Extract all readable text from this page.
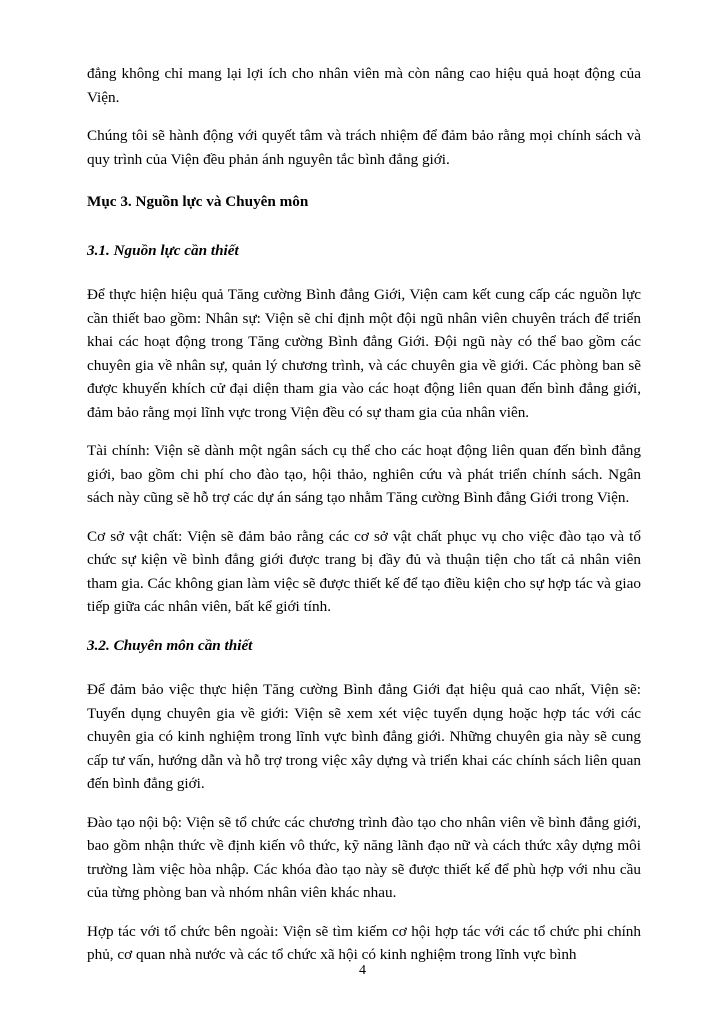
đẳng không chỉ mang lại lợi ích cho nhân viên mà còn nâng cao hiệu quả hoạt động của Viện.

Chúng tôi sẽ hành động với quyết tâm và trách nhiệm để đảm bảo rằng mọi chính sách và quy trình của Viện đều phản ánh nguyên tắc bình đẳng giới.

Mục 3. Nguồn lực và Chuyên môn
3.1. Nguồn lực cần thiết

Để thực hiện hiệu quả Tăng cường Bình đẳng Giới, Viện cam kết cung cấp các nguồn lực cần thiết bao gồm: Nhân sự: Viện sẽ chỉ định một đội ngũ nhân viên chuyên trách để triển khai các hoạt động trong Tăng cường Bình đẳng Giới. Đội ngũ này có thể bao gồm các chuyên gia về nhân sự, quản lý chương trình, và các chuyên gia về giới. Các phòng ban sẽ được khuyến khích cử đại diện tham gia vào các hoạt động liên quan đến bình đẳng giới, đảm bảo rằng mọi lĩnh vực trong Viện đều có sự tham gia của nhân viên.

Tài chính: Viện sẽ dành một ngân sách cụ thể cho các hoạt động liên quan đến bình đẳng giới, bao gồm chi phí cho đào tạo, hội thảo, nghiên cứu và phát triển chính sách. Ngân sách này cũng sẽ hỗ trợ các dự án sáng tạo nhằm Tăng cường Bình đẳng Giới trong Viện.

Cơ sở vật chất: Viện sẽ đảm bảo rằng các cơ sở vật chất phục vụ cho việc đào tạo và tổ chức sự kiện về bình đẳng giới được trang bị đầy đủ và thuận tiện cho tất cả nhân viên tham gia. Các không gian làm việc sẽ được thiết kế để tạo điều kiện cho sự hợp tác và giao tiếp giữa các nhân viên, bất kể giới tính.

3.2. Chuyên môn cần thiết

Để đảm bảo việc thực hiện Tăng cường Bình đẳng Giới đạt hiệu quả cao nhất, Viện sẽ: Tuyển dụng chuyên gia về giới: Viện sẽ xem xét việc tuyển dụng hoặc hợp tác với các chuyên gia có kinh nghiệm trong lĩnh vực bình đẳng giới. Những chuyên gia này sẽ cung cấp tư vấn, hướng dẫn và hỗ trợ trong việc xây dựng và triển khai các chính sách liên quan đến bình đẳng giới.

Đào tạo nội bộ: Viện sẽ tổ chức các chương trình đào tạo cho nhân viên về bình đẳng giới, bao gồm nhận thức về định kiến vô thức, kỹ năng lãnh đạo nữ và cách thức xây dựng môi trường làm việc hòa nhập. Các khóa đào tạo này sẽ được thiết kế để phù hợp với nhu cầu của từng phòng ban và nhóm nhân viên khác nhau.

Hợp tác với tổ chức bên ngoài: Viện sẽ tìm kiếm cơ hội hợp tác với các tổ chức phi chính phủ, cơ quan nhà nước và các tổ chức xã hội có kinh nghiệm trong lĩnh vực bình

4
